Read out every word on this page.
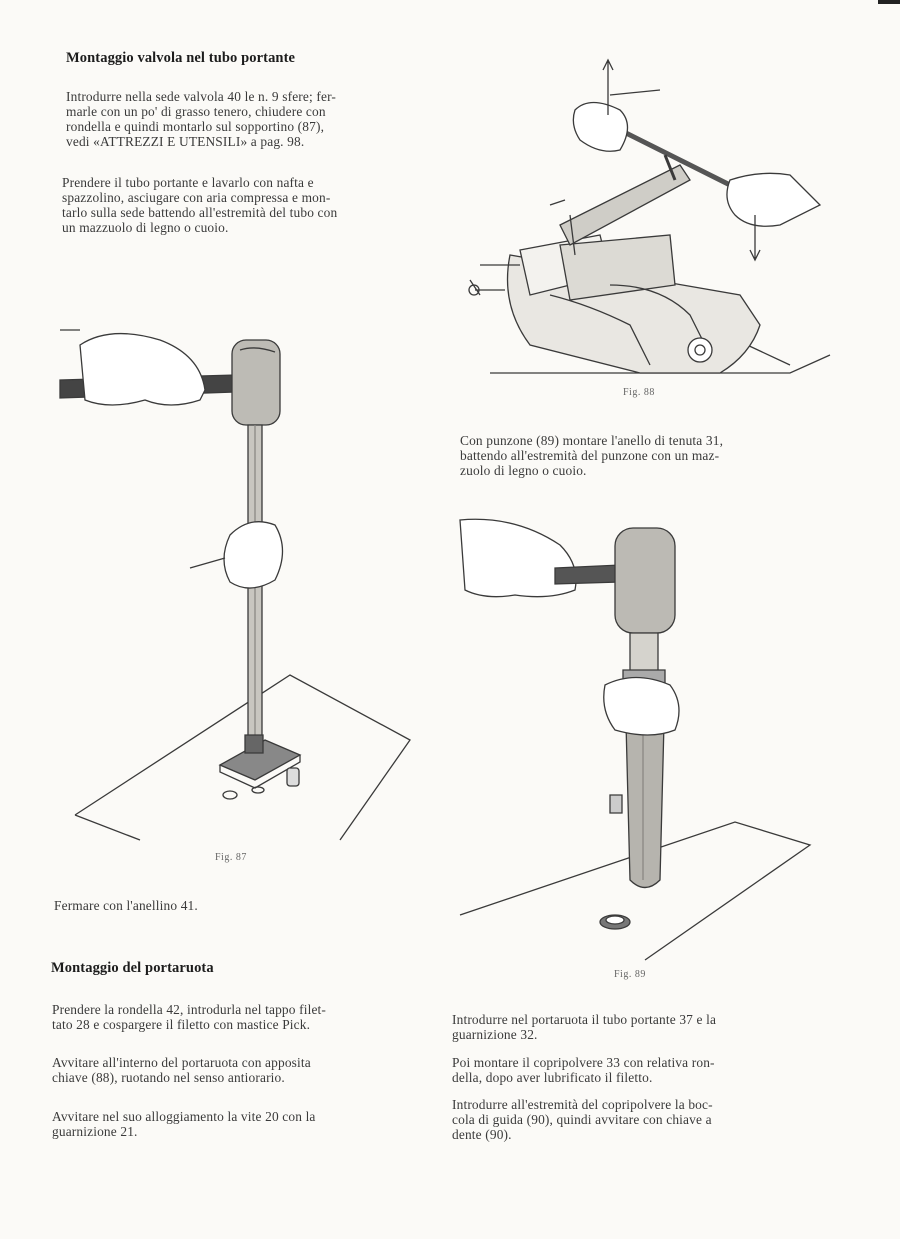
Montaggio valvola nel tubo portante

Introdurre nella sede valvola 40 le n. 9 sfere; fer-

marle con un po' di grasso tenero, chiudere con

rondella e quindi montarlo sul sopportino (87),

vedi «ATTREZZI E UTENSILI» a pag. 98.

Prendere il tubo portante e lavarlo con nafta e

spazzolino, asciugare con aria compressa e mon-

tarlo sulla sede battendo all'estremità del tubo con

un mazzuolo di legno o cuoio.

Fig. 88

Con punzone (89) montare l'anello di tenuta 31,

battendo all'estremità del punzone con un maz-

zuolo di legno o cuoio.

Fig. 87
Fig. 89

Fermare con l'anellino 41.

Montaggio del portaruota

Prendere la rondella 42, introdurla nel tappo filet-

tato 28 e cospargere il filetto con mastice Pick.

Avvitare all'interno del portaruota con apposita

chiave (88), ruotando nel senso antiorario.

Avvitare nel suo alloggiamento la vite 20 con la

guarnizione 21.

Introdurre nel portaruota il tubo portante 37 e la

guarnizione 32.

Poi montare il copripolvere 33 con relativa ron-

della, dopo aver lubrificato il filetto.

Introdurre all'estremità del copripolvere la boc-

cola di guida (90), quindi avvitare con chiave a

dente (90).
